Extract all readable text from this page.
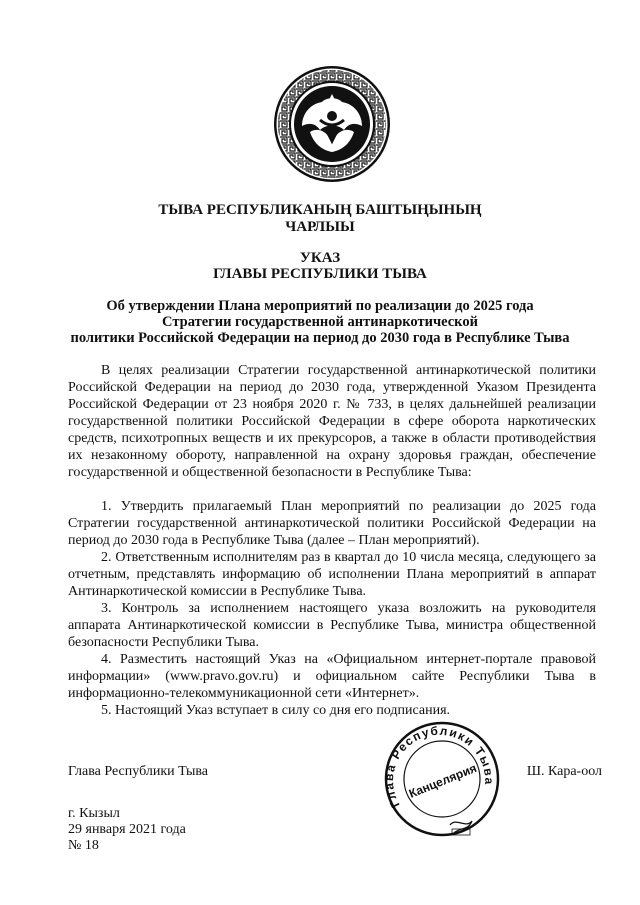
ТЫВА РЕСПУБЛИКАНЫҢ БАШТЫҢЫНЫҢ
ЧАРЛЫЫ
УКАЗ
ГЛАВЫ РЕСПУБЛИКИ ТЫВА
Об утверждении Плана мероприятий по реализации до 2025 года
Стратегии государственной антинаркотической
политики Российской Федерации на период до 2030 года в Республике Тыва

В целях реализации Стратегии государственной антинаркотической политики Российской Федерации на период до 2030 года, утвержденной Указом Президента Российской Федерации от 23 ноября 2020 г. № 733, в целях дальнейшей реализации государственной политики Российской Федерации в сфере оборота наркотических средств, психотропных веществ и их прекурсоров, а также в области противодействия их незаконному обороту, направленной на охрану здоровья граждан, обеспечение государственной и общественной безопасности в Республике Тыва:

1. Утвердить прилагаемый План мероприятий по реализации до 2025 года Стратегии государственной антинаркотической политики Российской Федерации на период до 2030 года в Республике Тыва (далее – План мероприятий).

2. Ответственным исполнителям раз в квартал до 10 числа месяца, следующего за отчетным, представлять информацию об исполнении Плана мероприятий в аппарат Антинаркотической комиссии в Республике Тыва.

3. Контроль за исполнением настоящего указа возложить на руководителя аппарата Антинаркотической комиссии в Республике Тыва, министра общественной безопасности Республики Тыва.

4. Разместить настоящий Указ на «Официальном интернет-портале правовой информации» (www.pravo.gov.ru) и официальном сайте Республики Тыва в информационно-телекоммуникационной сети «Интернет».

5. Настоящий Указ вступает в силу со дня его подписания.

Глава Республики Тыва	Ш. Кара-оол
Глава Республики Тыва
Канцелярия
г. Кызыл
29 января 2021 года
№ 18
